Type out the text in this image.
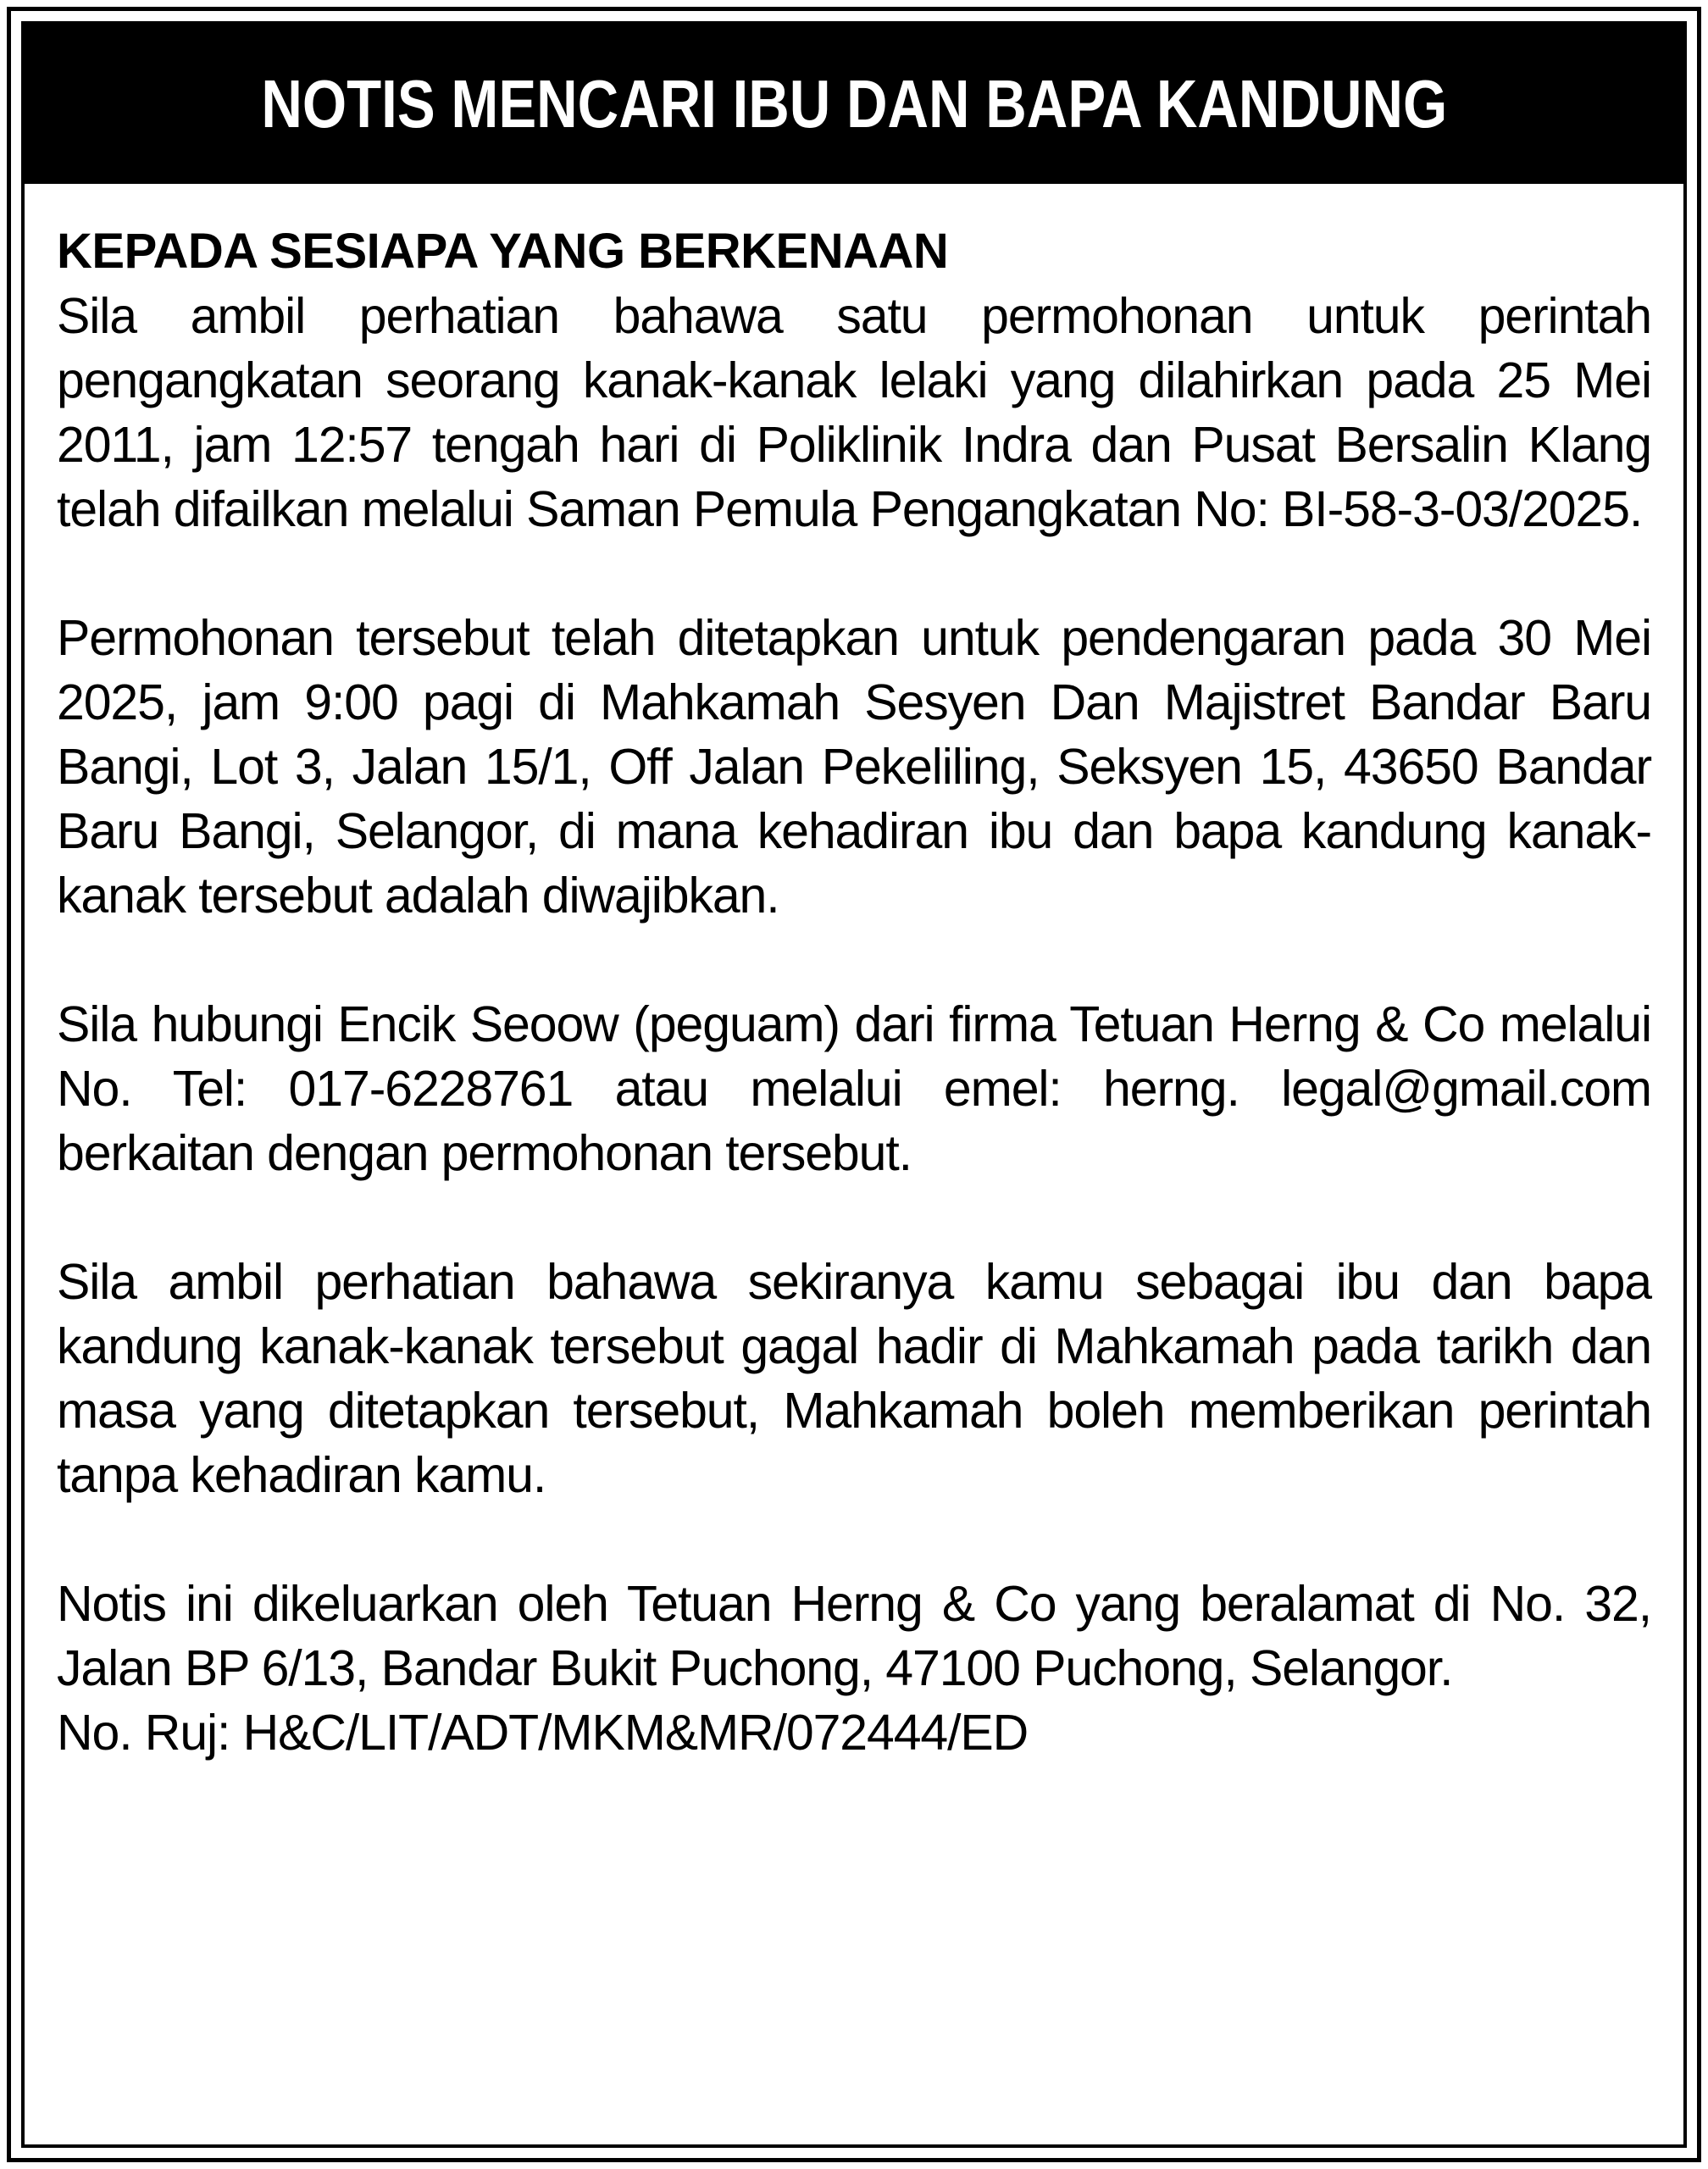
NOTIS MENCARI IBU DAN BAPA KANDUNG

KEPADA SESIAPA YANG BERKENAAN

Sila ambil perhatian bahawa satu permohonan untuk perintah pengangkatan seorang kanak-kanak lelaki yang dilahirkan pada 25 Mei 2011, jam 12:57 tengah hari di Poliklinik Indra dan Pusat Bersalin Klang telah difailkan melalui Saman Pemula Pengangkatan No: BI-58-3-03/2025.

Permohonan tersebut telah ditetapkan untuk pendengaran pada 30 Mei 2025, jam 9:00 pagi di Mahkamah Sesyen Dan Majistret Bandar Baru Bangi, Lot 3, Jalan 15/1, Off Jalan Pekeliling, Seksyen 15, 43650 Bandar Baru Bangi, Selangor, di mana kehadiran ibu dan bapa kandung kanak-kanak tersebut adalah diwajibkan.

Sila hubungi Encik Seoow (peguam) dari firma Tetuan Herng & Co melalui No. Tel: 017-6228761 atau melalui emel: herng. legal@gmail.com berkaitan dengan permohonan tersebut.

Sila ambil perhatian bahawa sekiranya kamu sebagai ibu dan bapa kandung kanak-kanak tersebut gagal hadir di Mahkamah pada tarikh dan masa yang ditetapkan tersebut, Mahkamah boleh memberikan perintah tanpa kehadiran kamu.

Notis ini dikeluarkan oleh Tetuan Herng & Co yang beralamat di No. 32, Jalan BP 6/13, Bandar Bukit Puchong, 47100 Puchong, Selangor.

No. Ruj: H&C/LIT/ADT/MKM&MR/072444/ED
